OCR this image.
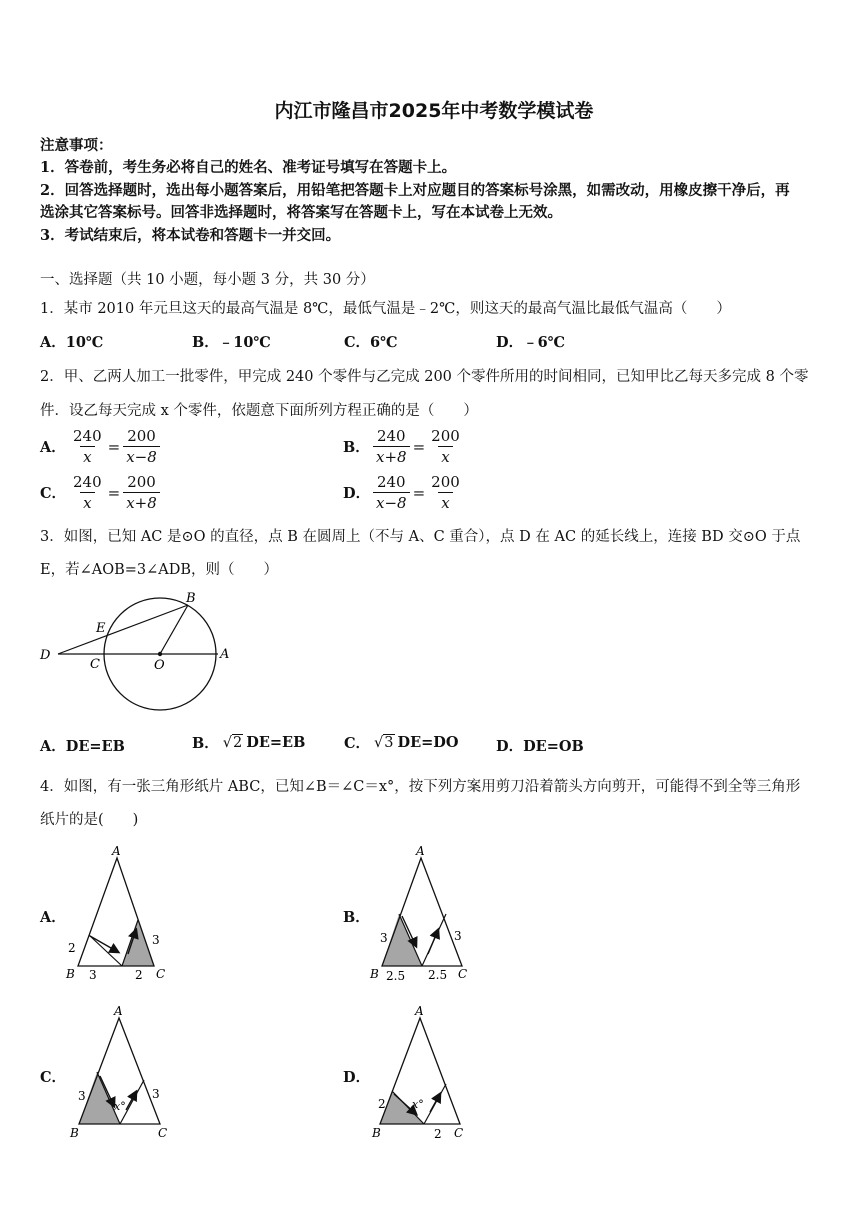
内江市隆昌市2025年中考数学模试卷
注意事项：
1．答卷前，考生务必将自己的姓名、准考证号填写在答题卡上。
2．回答选择题时，选出每小题答案后，用铅笔把答题卡上对应题目的答案标号涂黑，如需改动，用橡皮擦干净后，再
选涂其它答案标号。回答非选择题时，将答案写在答题卡上，写在本试卷上无效。
3．考试结束后，将本试卷和答题卡一并交回。
一、选择题（共 10 小题，每小题 3 分，共 30 分）
1．某市 2010 年元旦这天的最高气温是 8℃，最低气温是﹣2℃，则这天的最高气温比最低气温高（　　）
A．10℃	B．﹣10℃	C．6℃	D．﹣6℃
2．甲、乙两人加工一批零件，甲完成 240 个零件与乙完成 200 个零件所用的时间相同，已知甲比乙每天多完成 8 个零
件．设乙每天完成 x 个零件，依题意下面所列方程正确的是（　　）
A． $\frac{240}{x} = \frac{200}{x-8}$	B． $\frac{240}{x+8} = \frac{200}{x}$
C． $\frac{240}{x} = \frac{200}{x+8}$	D． $\frac{240}{x-8} = \frac{200}{x}$
3．如图，已知 AC 是⊙O 的直径，点 B 在圆周上（不与 A、C 重合），点 D 在 AC 的延长线上，连接 BD 交⊙O 于点
E，若∠AOB=3∠ADB，则（　　）
B
E
D
C	O
A
A．DE=EB	B． √2 DE=EB	C． √3 DE=DO	D．DE=OB
4．如图，有一张三角形纸片 ABC，已知∠B＝∠C＝x°，按下列方案用剪刀沿着箭头方向剪开，可能得不到全等三角形
纸片的是(　　)
A．	B．
C．	D．
A
B	C
2
3	2
3
A
B	C
3
2.5 2.5
3
A
B	C
3
x°
3
A
B	C
2 x°
2
